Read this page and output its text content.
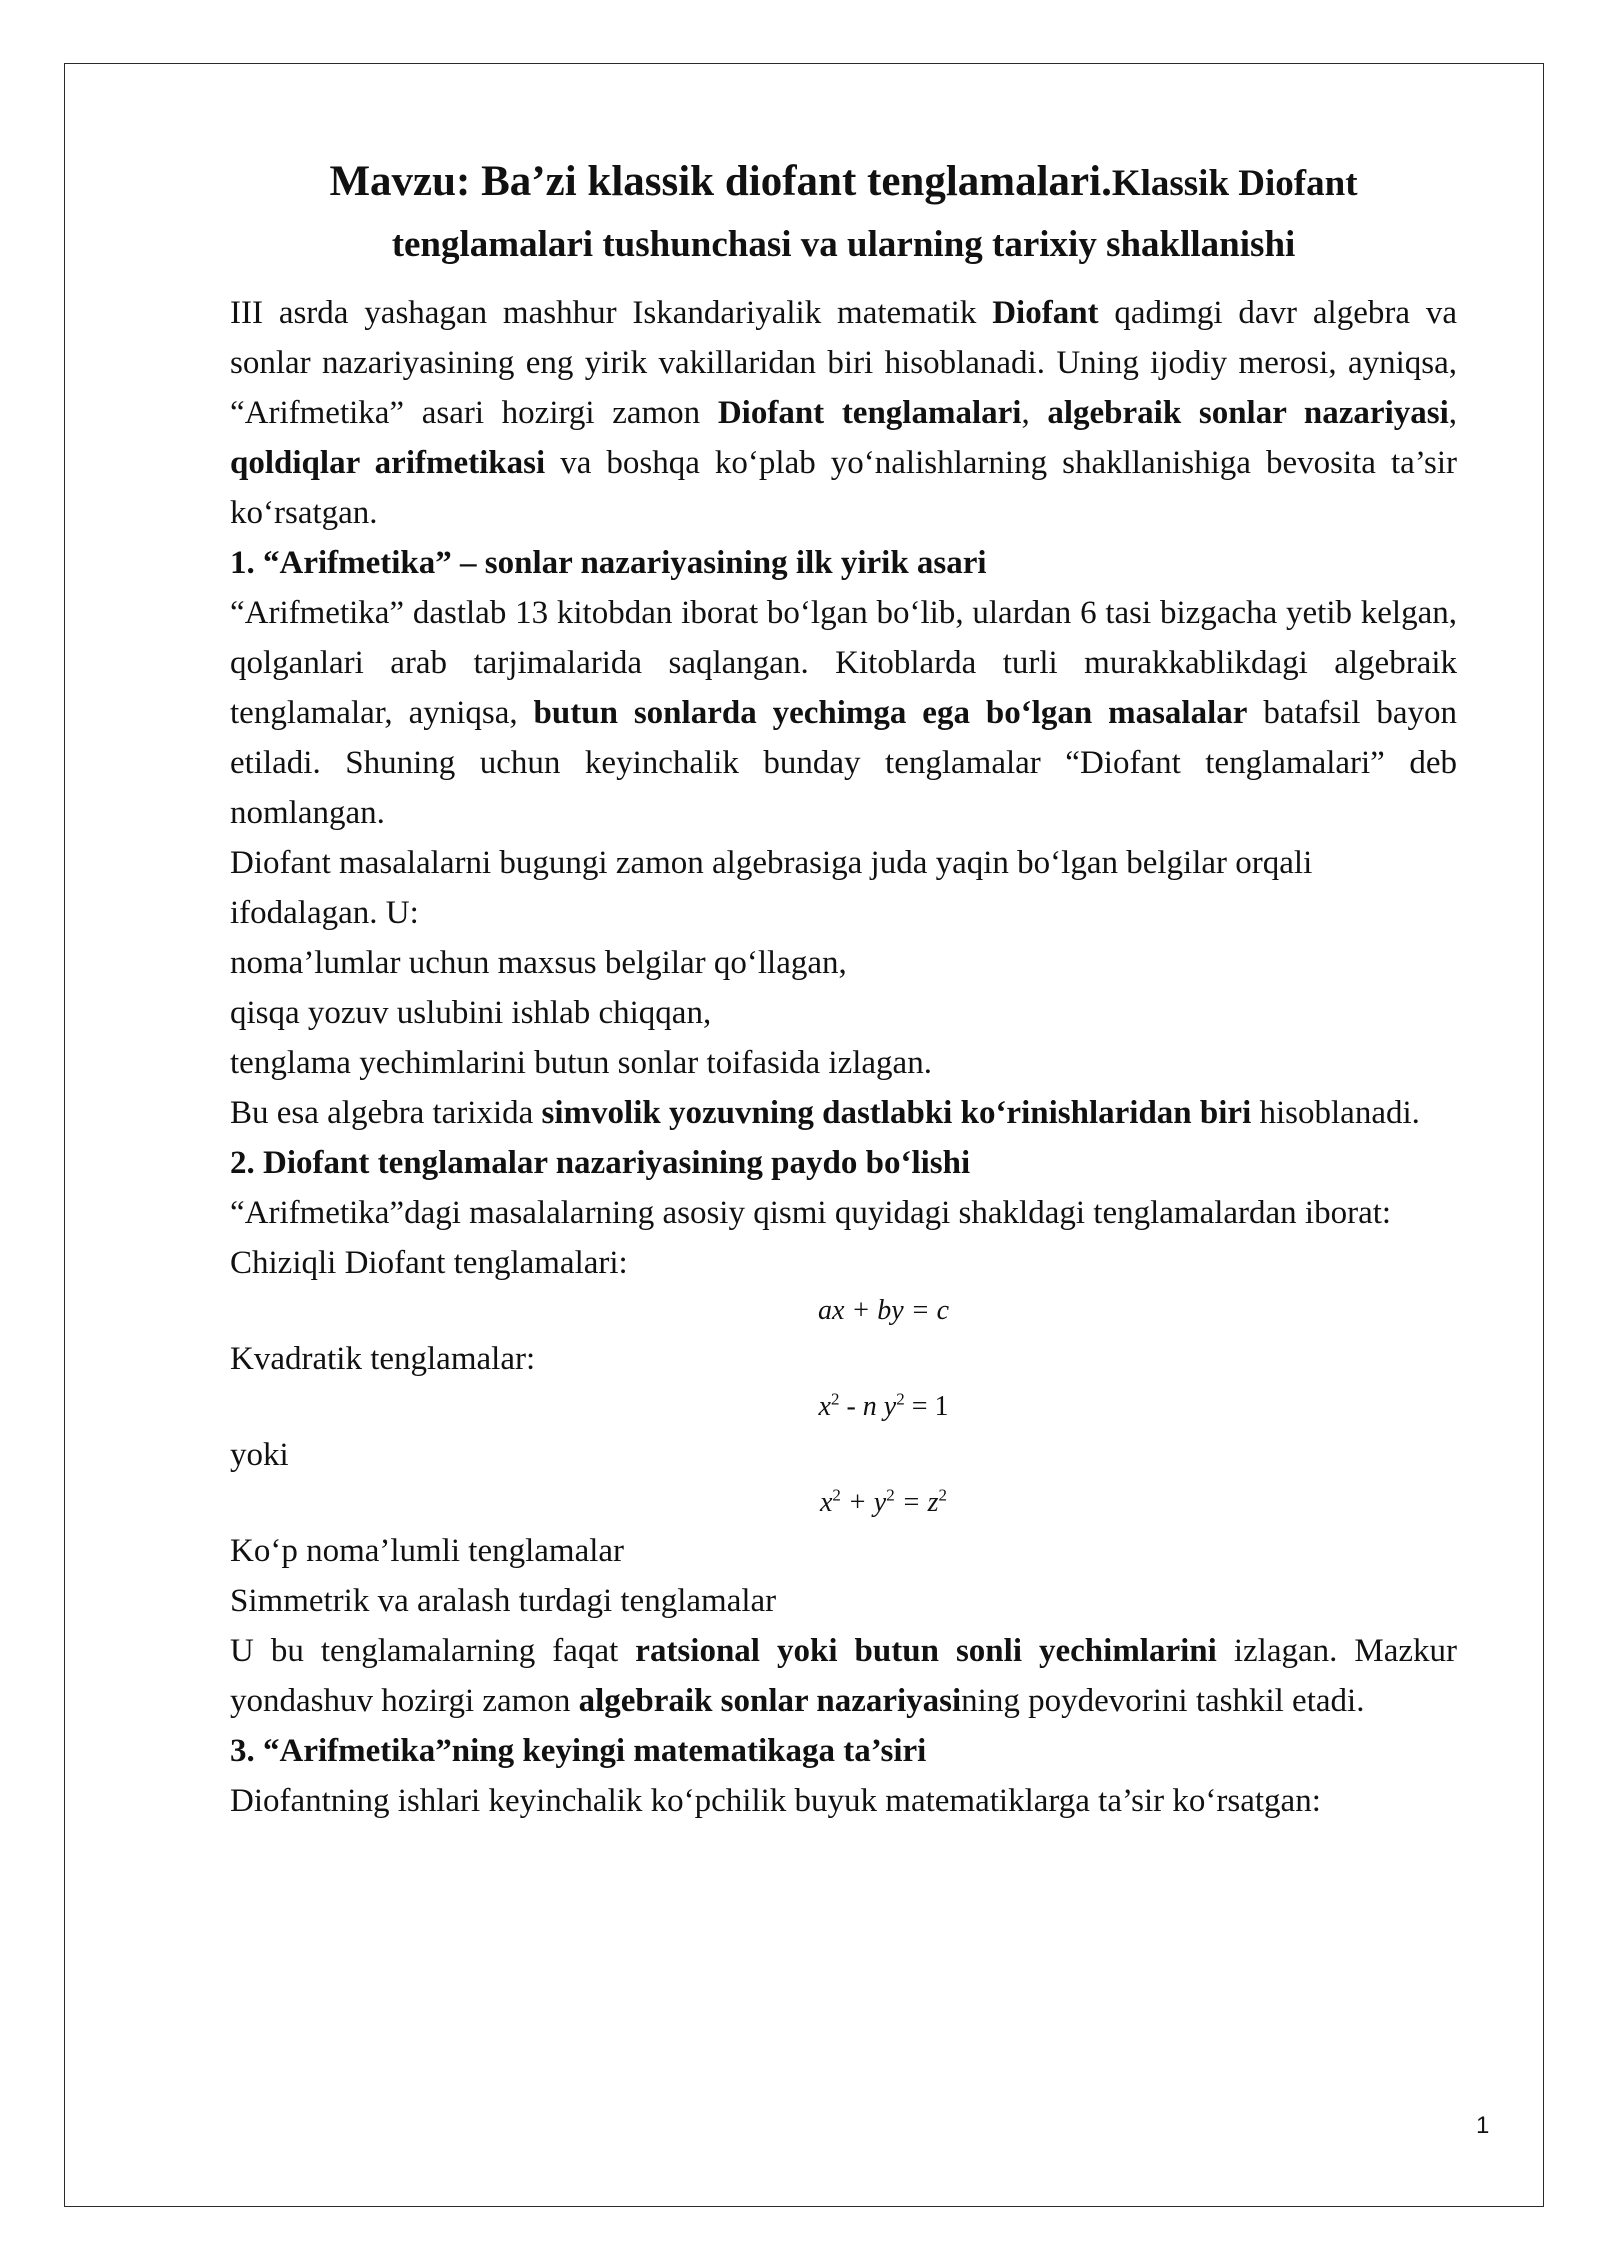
Mavzu: Ba’zi klassik diofant tenglamalari.Klassik Diofant tenglamalari tushunchasi va ularning tarixiy shakllanishi

III asrda yashagan mashhur Iskandariyalik matematik Diofant qadimgi davr algebra va sonlar nazariyasining eng yirik vakillaridan biri hisoblanadi. Uning ijodiy merosi, ayniqsa, “Arifmetika” asari hozirgi zamon Diofant tenglamalari, algebraik sonlar nazariyasi, qoldiqlar arifmetikasi va boshqa ko‘plab yo‘nalishlarning shakllanishiga bevosita ta’sir ko‘rsatgan.

1. “Arifmetika” – sonlar nazariyasining ilk yirik asari

“Arifmetika” dastlab 13 kitobdan iborat bo‘lgan bo‘lib, ulardan 6 tasi bizgacha yetib kelgan, qolganlari arab tarjimalarida saqlangan. Kitoblarda turli murakkablikdagi algebraik tenglamalar, ayniqsa, butun sonlarda yechimga ega bo‘lgan masalalar batafsil bayon etiladi. Shuning uchun keyinchalik bunday tenglamalar “Diofant tenglamalari” deb nomlangan.

Diofant masalalarni bugungi zamon algebrasiga juda yaqin bo‘lgan belgilar orqali ifodalagan. U:

noma’lumlar uchun maxsus belgilar qo‘llagan,

qisqa yozuv uslubini ishlab chiqqan,

tenglama yechimlarini butun sonlar toifasida izlagan.

Bu esa algebra tarixida simvolik yozuvning dastlabki ko‘rinishlaridan biri hisoblanadi.

2. Diofant tenglamalar nazariyasining paydo bo‘lishi

“Arifmetika”dagi masalalarning asosiy qismi quyidagi shakldagi tenglamalardan iborat:

Chiziqli Diofant tenglamalari:

ax + by = c

Kvadratik tenglamalar:

$x^2$ - n $y^2 = 1$

yoki

$x^2 + y^2 = z^2$

Ko‘p noma’lumli tenglamalar

Simmetrik va aralash turdagi tenglamalar

U bu tenglamalarning faqat ratsional yoki butun sonli yechimlarini izlagan. Mazkur yondashuv hozirgi zamon algebraik sonlar nazariyasining poydevorini tashkil etadi.

3. “Arifmetika”ning keyingi matematikaga ta’siri

Diofantning ishlari keyinchalik ko‘pchilik buyuk matematiklarga ta’sir ko‘rsatgan:

1
